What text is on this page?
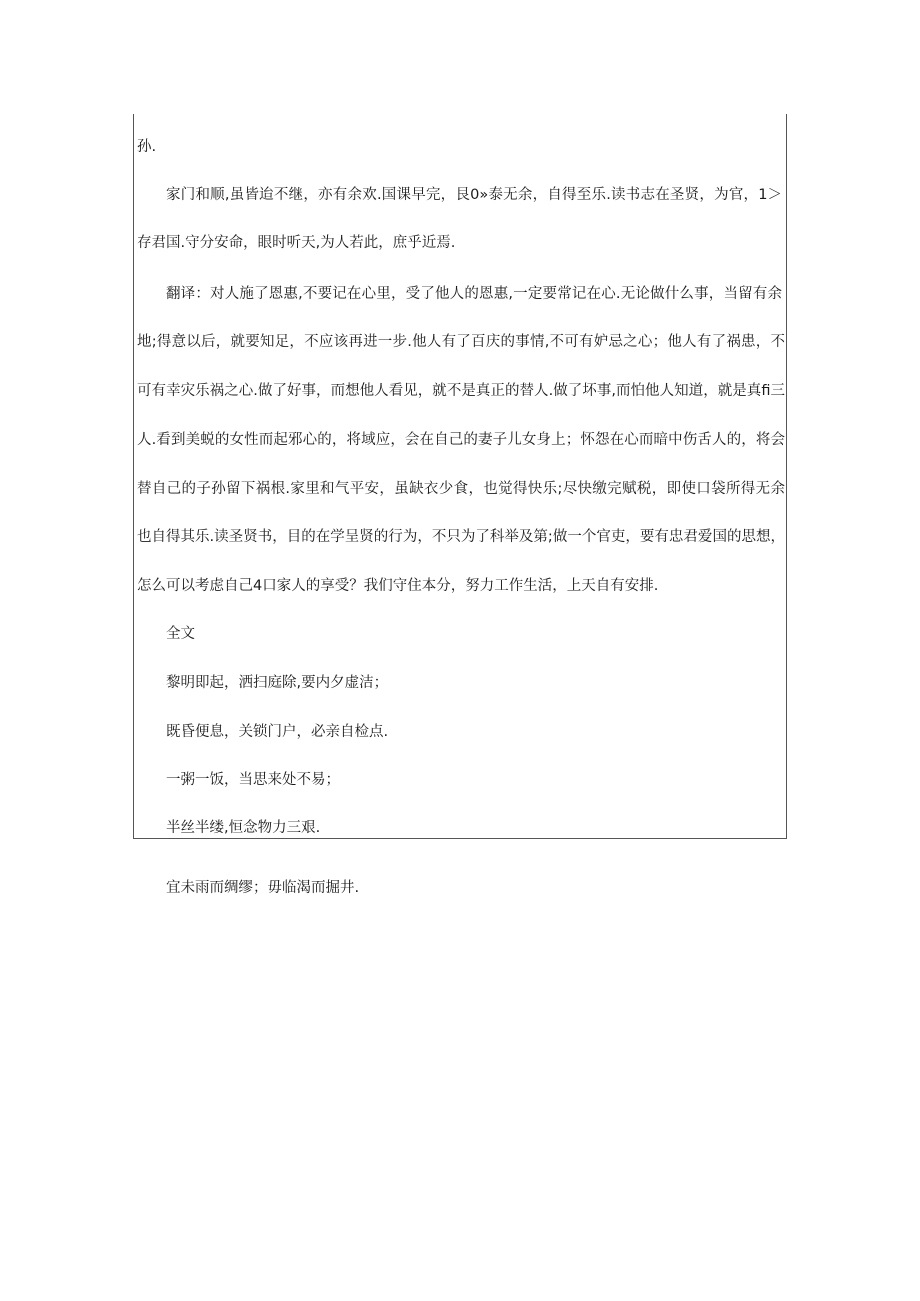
孙.
家门和顺,虽皆迨不继，亦有余欢.国课早完，艮0»泰无余，自得至乐.读书志在圣贤，为官，1＞
存君国.守分安命，眼时听天,为人若此，庶乎近焉.
翻译：对人施了恩惠,不要记在心里，受了他人的恩惠,一定要常记在心.无论做什么事，当留有余
地;得意以后，就要知足，不应该再进一步.他人有了百庆的事情,不可有妒忌之心；他人有了祸患，不
可有幸灾乐祸之心.做了好事，而想他人看见，就不是真正的替人.做了坏事,而怕他人知道，就是真fi三
人.看到美蜕的女性而起邪心的，将域应，会在自己的妻子儿女身上；怀怨在心而暗中伤舌人的，将会
替自己的子孙留下祸根.家里和气平安，虽缺衣少食，也觉得快乐;尽快缴完赋税，即使口袋所得无余
也自得其乐.读圣贤书，目的在学呈贤的行为，不只为了科举及第;做一个官吏，要有忠君爱国的思想，
怎么可以考虑自己4口家人的享受？我们守住本分，努力工作生活，上天自有安排.
全文
黎明即起，洒扫庭除,要内夕虚洁；
既昏便息，关锁门户，必亲自检点.
一粥一饭，当思来处不易；
半丝半缕,恒念物力三艰.
宜未雨而绸缪；毋临渴而掘井.
